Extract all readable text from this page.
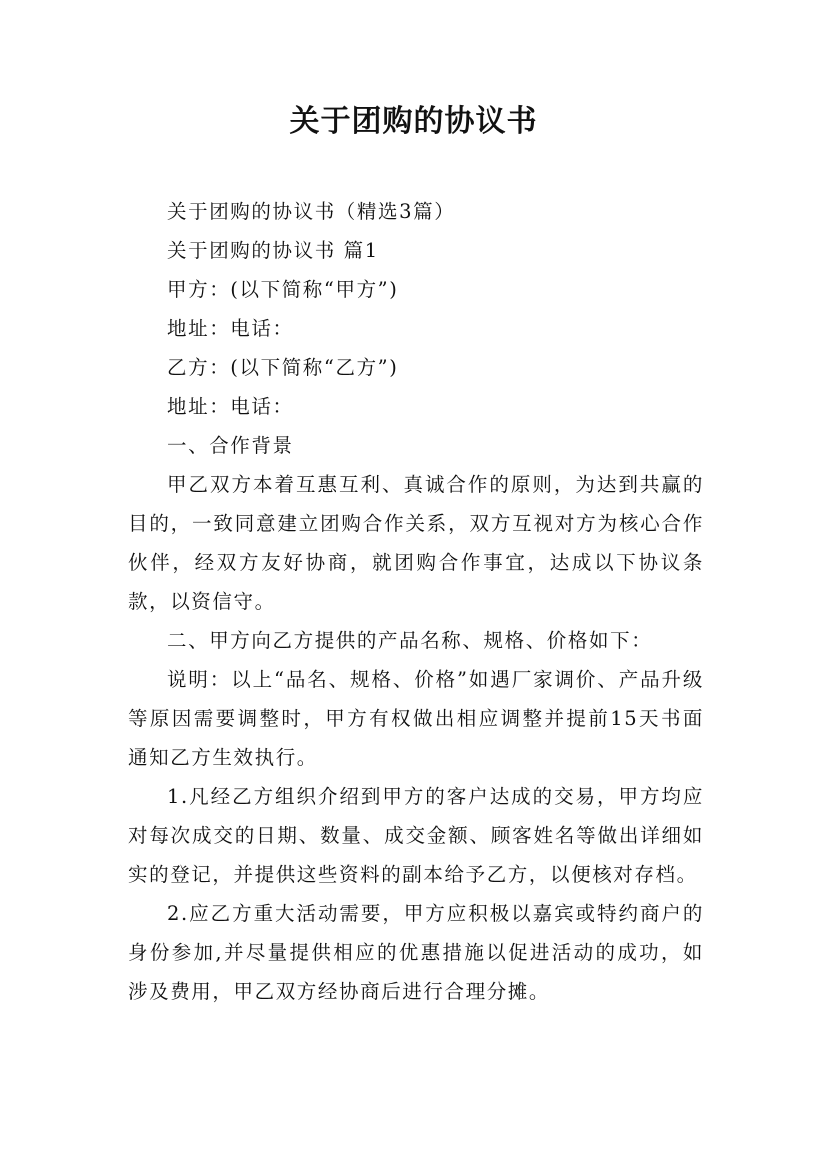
关于团购的协议书

关于团购的协议书（精选3篇）

关于团购的协议书 篇1

甲方：(以下简称“甲方”)

地址：电话：

乙方：(以下简称“乙方”)

地址：电话：

一、合作背景

甲乙双方本着互惠互利、真诚合作的原则，为达到共赢的目的，一致同意建立团购合作关系，双方互视对方为核心合作伙伴，经双方友好协商，就团购合作事宜，达成以下协议条款，以资信守。

二、甲方向乙方提供的产品名称、规格、价格如下：

说明：以上“品名、规格、价格”如遇厂家调价、产品升级等原因需要调整时，甲方有权做出相应调整并提前15天书面通知乙方生效执行。

1.凡经乙方组织介绍到甲方的客户达成的交易，甲方均应对每次成交的日期、数量、成交金额、顾客姓名等做出详细如实的登记，并提供这些资料的副本给予乙方，以便核对存档。

2.应乙方重大活动需要，甲方应积极以嘉宾或特约商户的身份参加,并尽量提供相应的优惠措施以促进活动的成功，如涉及费用，甲乙双方经协商后进行合理分摊。
